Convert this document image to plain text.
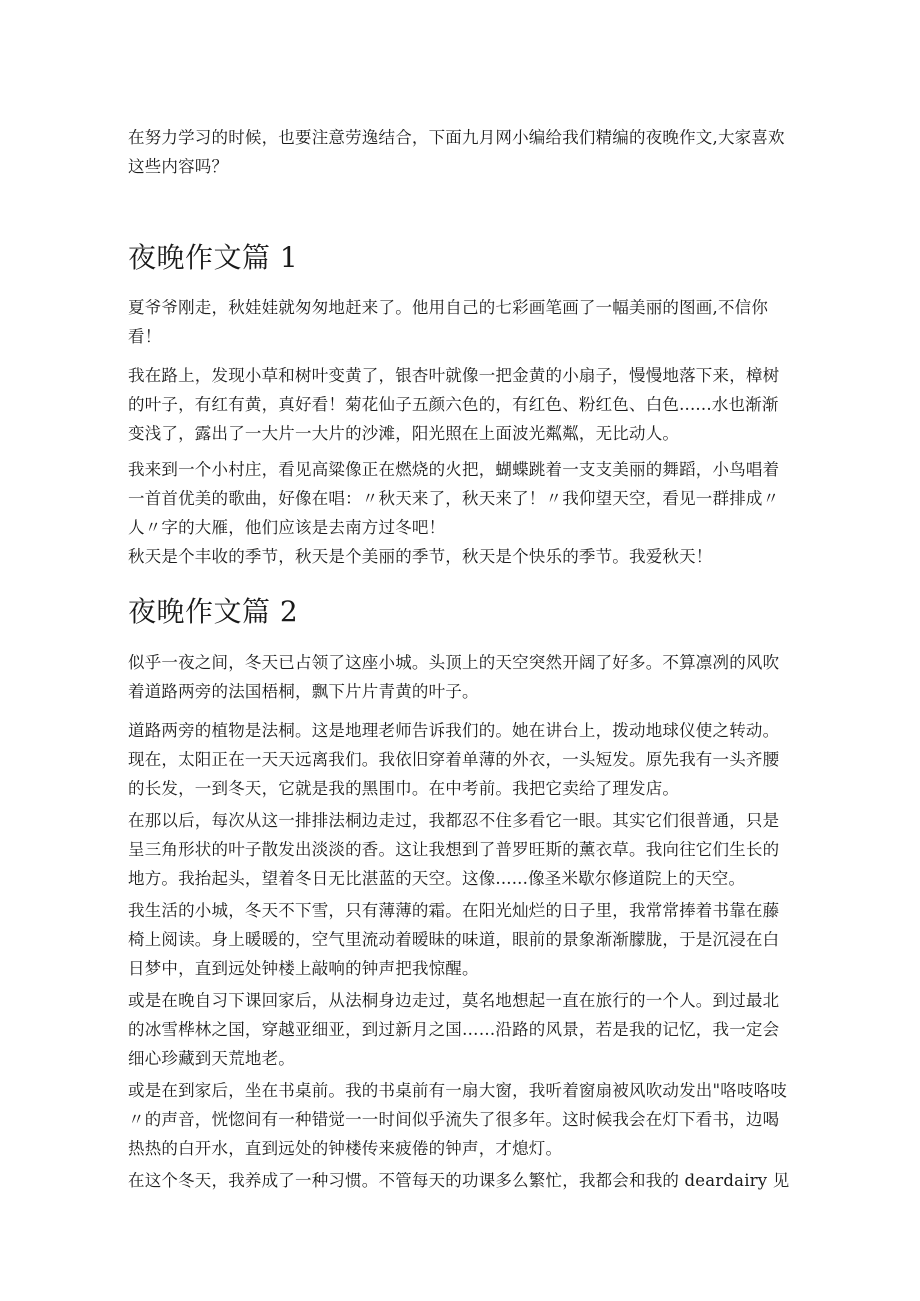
在努力学习的时候，也要注意劳逸结合，下面九月网小编给我们精编的夜晚作文,大家喜欢这些内容吗？

夜晚作文篇 1

夏爷爷刚走，秋娃娃就匆匆地赶来了。他用自己的七彩画笔画了一幅美丽的图画,不信你看！

我在路上，发现小草和树叶变黄了，银杏叶就像一把金黄的小扇子，慢慢地落下来，樟树的叶子，有红有黄，真好看！菊花仙子五颜六色的，有红色、粉红色、白色......水也渐渐变浅了，露出了一大片一大片的沙滩，阳光照在上面波光粼粼，无比动人。

我来到一个小村庄，看见高粱像正在燃烧的火把，蝴蝶跳着一支支美丽的舞蹈，小鸟唱着一首首优美的歌曲，好像在唱：〃秋天来了，秋天来了！〃我仰望天空，看见一群排成〃人〃字的大雁，他们应该是去南方过冬吧！

秋天是个丰收的季节，秋天是个美丽的季节，秋天是个快乐的季节。我爱秋天！

夜晚作文篇 2

似乎一夜之间，冬天已占领了这座小城。头顶上的天空突然开阔了好多。不算凛冽的风吹着道路两旁的法国梧桐，飘下片片青黄的叶子。

道路两旁的植物是法桐。这是地理老师告诉我们的。她在讲台上，拨动地球仪使之转动。现在，太阳正在一天天远离我们。我依旧穿着单薄的外衣，一头短发。原先我有一头齐腰的长发，一到冬天，它就是我的黑围巾。在中考前。我把它卖给了理发店。

在那以后，每次从这一排排法桐边走过，我都忍不住多看它一眼。其实它们很普通，只是呈三角形状的叶子散发出淡淡的香。这让我想到了普罗旺斯的薰衣草。我向往它们生长的地方。我抬起头，望着冬日无比湛蓝的天空。这像......像圣米歇尔修道院上的天空。

我生活的小城，冬天不下雪，只有薄薄的霜。在阳光灿烂的日子里，我常常捧着书靠在藤椅上阅读。身上暖暖的，空气里流动着暧昧的味道，眼前的景象渐渐朦胧，于是沉浸在白日梦中，直到远处钟楼上敲响的钟声把我惊醒。

或是在晚自习下课回家后，从法桐身边走过，莫名地想起一直在旅行的一个人。到过最北的冰雪桦林之国，穿越亚细亚，到过新月之国……沿路的风景，若是我的记忆，我一定会细心珍藏到天荒地老。

或是在到家后，坐在书桌前。我的书桌前有一扇大窗，我听着窗扇被风吹动发出"咯吱咯吱〃的声音，恍惚间有一种错觉一一时间似乎流失了很多年。这时候我会在灯下看书，边喝热热的白开水，直到远处的钟楼传来疲倦的钟声，才熄灯。

在这个冬天，我养成了一种习惯。不管每天的功课多么繁忙，我都会和我的 deardairy 见
